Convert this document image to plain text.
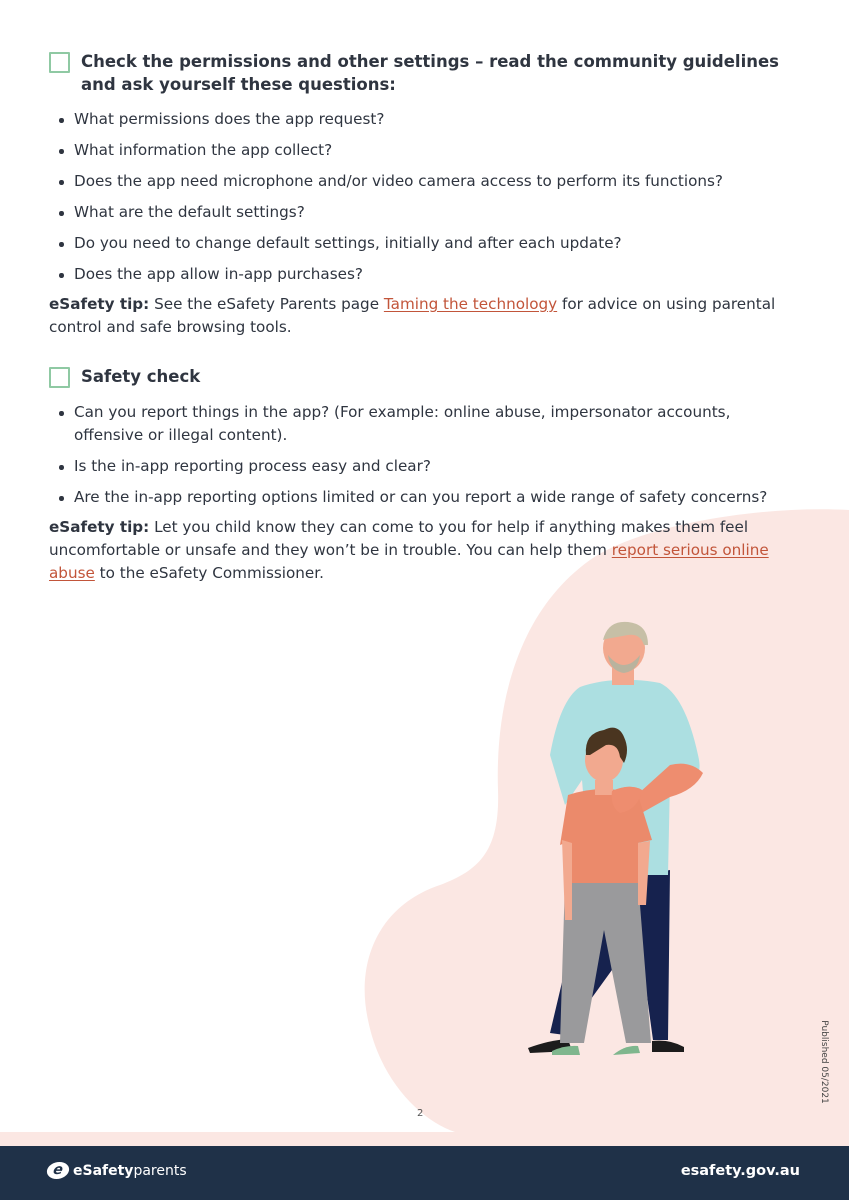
Check the permissions and other settings – read the community guidelines and ask yourself these questions:
What permissions does the app request?
What information the app collect?
Does the app need microphone and/or video camera access to perform its functions?
What are the default settings?
Do you need to change default settings, initially and after each update?
Does the app allow in-app purchases?
eSafety tip: See the eSafety Parents page Taming the technology for advice on using parental control and safe browsing tools.
Safety check
Can you report things in the app? (For example: online abuse, impersonator accounts, offensive or illegal content).
Is the in-app reporting process easy and clear?
Are the in-app reporting options limited or can you report a wide range of safety concerns?
eSafety tip: Let you child know they can come to you for help if anything makes them feel uncomfortable or unsafe and they won’t be in trouble. You can help them report serious online abuse to the eSafety Commissioner.
2
Published 05/2021
e eSafetyparents	esafety.gov.au
